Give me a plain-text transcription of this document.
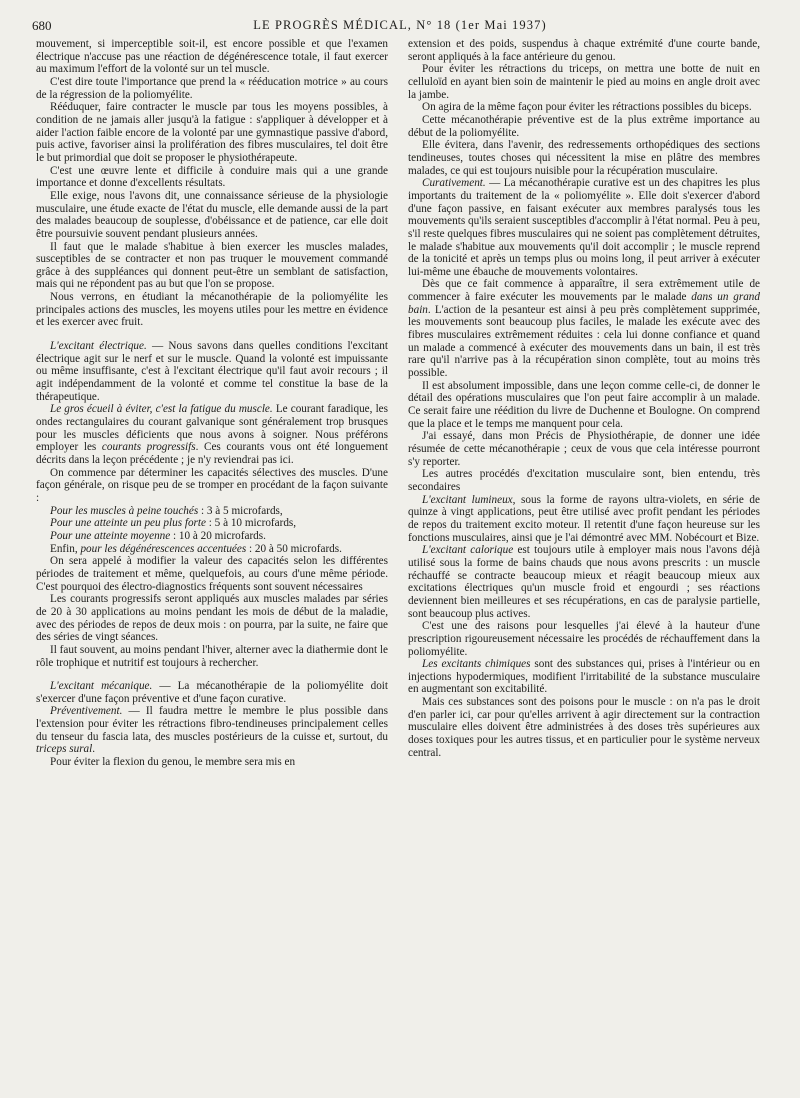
680	LE PROGRÈS MÉDICAL, N° 18 (1er Mai 1937)

mouvement, si imperceptible soit-il, est encore possible et que l'examen électrique n'accuse pas une réaction de dégénérescence totale, il faut exercer au maximum l'effort de la volonté sur un tel muscle.

C'est dire toute l'importance que prend la « rééducation motrice » au cours de la régression de la poliomyélite.

Rééduquer, faire contracter le muscle par tous les moyens possibles, à condition de ne jamais aller jusqu'à la fatigue : s'appliquer à développer et à aider l'action faible encore de la volonté par une gymnastique passive d'abord, puis active, favoriser ainsi la prolifération des fibres musculaires, tel doit être le but primordial que doit se proposer le physiothérapeute.

C'est une œuvre lente et difficile à conduire mais qui a une grande importance et donne d'excellents résultats.

Elle exige, nous l'avons dit, une connaissance sérieuse de la physiologie musculaire, une étude exacte de l'état du muscle, elle demande aussi de la part des malades beaucoup de souplesse, d'obéissance et de patience, car elle doit être poursuivie souvent pendant plusieurs années.

Il faut que le malade s'habitue à bien exercer les muscles malades, susceptibles de se contracter et non pas truquer le mouvement commandé grâce à des suppléances qui donnent peut-être un semblant de satisfaction, mais qui ne répondent pas au but que l'on se propose.

Nous verrons, en étudiant la mécanothérapie de la poliomyélite les principales actions des muscles, les moyens utiles pour les mettre en évidence et les exercer avec fruit.

L'excitant électrique. — Nous savons dans quelles conditions l'excitant électrique agit sur le nerf et sur le muscle. Quand la volonté est impuissante ou même insuffisante, c'est à l'excitant électrique qu'il faut avoir recours ; il agit indépendamment de la volonté et comme tel constitue la base de la thérapeutique.

Le gros écueil à éviter, c'est la fatigue du muscle. Le courant faradique, les ondes rectangulaires du courant galvanique sont généralement trop brusques pour les muscles déficients que nous avons à soigner. Nous préférons employer les courants progressifs. Ces courants vous ont été longuement décrits dans la leçon précédente ; je n'y reviendrai pas ici.

On commence par déterminer les capacités sélectives des muscles. D'une façon générale, on risque peu de se tromper en procédant de la façon suivante :

Pour les muscles à peine touchés : 3 à 5 microfards,

Pour une atteinte un peu plus forte : 5 à 10 microfards,

Pour une atteinte moyenne : 10 à 20 microfards.

Enfin, pour les dégénérescences accentuées : 20 à 50 microfards.

On sera appelé à modifier la valeur des capacités selon les différentes périodes de traitement et même, quelquefois, au cours d'une même période. C'est pourquoi des électro-diagnostics fréquents sont souvent nécessaires

Les courants progressifs seront appliqués aux muscles malades par séries de 20 à 30 applications au moins pendant les mois de début de la maladie, avec des périodes de repos de deux mois : on pourra, par la suite, ne faire que des séries de vingt séances.

Il faut souvent, au moins pendant l'hiver, alterner avec la diathermie dont le rôle trophique et nutritif est toujours à rechercher.

L'excitant mécanique. — La mécanothérapie de la poliomyélite doit s'exercer d'une façon préventive et d'une façon curative.

Préventivement. — Il faudra mettre le membre le plus possible dans l'extension pour éviter les rétractions fibro-tendineuses principalement celles du tenseur du fascia lata, des muscles postérieurs de la cuisse et, surtout, du triceps sural.

Pour éviter la flexion du genou, le membre sera mis en

extension et des poids, suspendus à chaque extrémité d'une courte bande, seront appliqués à la face antérieure du genou.

Pour éviter les rétractions du triceps, on mettra une botte de nuit en celluloïd en ayant bien soin de maintenir le pied au moins en angle droit avec la jambe.

On agira de la même façon pour éviter les rétractions possibles du biceps.

Cette mécanothérapie préventive est de la plus extrême importance au début de la poliomyélite.

Elle évitera, dans l'avenir, des redressements orthopédiques des sections tendineuses, toutes choses qui nécessitent la mise en plâtre des membres malades, ce qui est toujours nuisible pour la récupération musculaire.

Curativement. — La mécanothérapie curative est un des chapitres les plus importants du traitement de la « poliomyélite ». Elle doit s'exercer d'abord d'une façon passive, en faisant exécuter aux membres paralysés tous les mouvements qu'ils seraient susceptibles d'accomplir à l'état normal. Peu à peu, s'il reste quelques fibres musculaires qui ne soient pas complètement détruites, le malade s'habitue aux mouvements qu'il doit accomplir ; le muscle reprend de la tonicité et après un temps plus ou moins long, il peut arriver à exécuter lui-même une ébauche de mouvements volontaires.

Dès que ce fait commence à apparaître, il sera extrêmement utile de commencer à faire exécuter les mouvements par le malade dans un grand bain. L'action de la pesanteur est ainsi à peu près complètement supprimée, les mouvements sont beaucoup plus faciles, le malade les exécute avec des fibres musculaires extrêmement réduites : cela lui donne confiance et quand un malade a commencé à exécuter des mouvements dans un bain, il est très rare qu'il n'arrive pas à la récupération sinon complète, tout au moins très possible.

Il est absolument impossible, dans une leçon comme celle-ci, de donner le détail des opérations musculaires que l'on peut faire accomplir à un malade. Ce serait faire une réédition du livre de Duchenne et Boulogne. On comprend que la place et le temps me manquent pour cela.

J'ai essayé, dans mon Précis de Physiothérapie, de donner une idée résumée de cette mécanothérapie ; ceux de vous que cela intéresse pourront s'y reporter.

Les autres procédés d'excitation musculaire sont, bien entendu, très secondaires

L'excitant lumineux, sous la forme de rayons ultra-violets, en série de quinze à vingt applications, peut être utilisé avec profit pendant les périodes de repos du traitement excito moteur. Il retentit d'une façon heureuse sur les fonctions musculaires, ainsi que je l'ai démontré avec MM. Nobécourt et Bize.

L'excitant calorique est toujours utile à employer mais nous l'avons déjà utilisé sous la forme de bains chauds que nous avons prescrits : un muscle réchauffé se contracte beaucoup mieux et réagit beaucoup mieux aux excitations électriques qu'un muscle froid et engourdi ; ses réactions deviennent bien meilleures et ses récupérations, en cas de paralysie partielle, sont beaucoup plus actives.

C'est une des raisons pour lesquelles j'ai élevé à la hauteur d'une prescription rigoureusement nécessaire les procédés de réchauffement dans la poliomyélite.

Les excitants chimiques sont des substances qui, prises à l'intérieur ou en injections hypodermiques, modifient l'irritabilité de la substance musculaire en augmentant son excitabilité.

Mais ces substances sont des poisons pour le muscle : on n'a pas le droit d'en parler ici, car pour qu'elles arrivent à agir directement sur la contraction musculaire elles doivent être administrées à des doses très supérieures aux doses toxiques pour les autres tissus, et en particulier pour le système nerveux central.
